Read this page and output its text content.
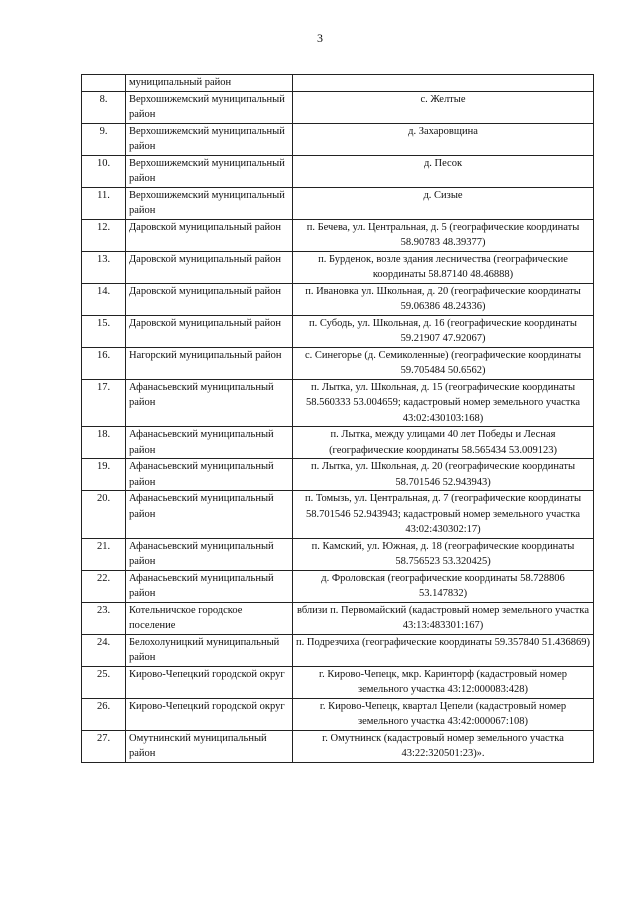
3
	муниципальный район	
8.	Верхошижемский муниципальный район	с. Желтые
9.	Верхошижемский муниципальный район	д. Захаровщина
10.	Верхошижемский муниципальный район	д. Песок
11.	Верхошижемский муниципальный район	д. Сизые
12.	Даровской муниципальный район	п. Бечева, ул. Центральная, д. 5 (географические координаты 58.90783 48.39377)
13.	Даровской муниципальный район	п. Бурденок, возле здания лесничества (географические координаты 58.87140 48.46888)
14.	Даровской муниципальный район	п. Ивановка ул. Школьная, д. 20 (географические координаты 59.06386 48.24336)
15.	Даровской муниципальный район	п. Субодь, ул. Школьная, д. 16 (географические координаты 59.21907 47.92067)
16.	Нагорский муниципальный район	с. Синегорье (д. Семиколенные) (географические координаты 59.705484 50.6562)
17.	Афанасьевский муниципальный район	п. Лытка, ул. Школьная, д. 15 (географические координаты 58.560333 53.004659; кадастровый номер земельного участка 43:02:430103:168)
18.	Афанасьевский муниципальный район	п. Лытка, между улицами 40 лет Победы и Лесная (географические координаты 58.565434 53.009123)
19.	Афанасьевский муниципальный район	п. Лытка, ул. Школьная, д. 20 (географические координаты 58.701546 52.943943)
20.	Афанасьевский муниципальный район	п. Томызь, ул. Центральная, д. 7 (географические координаты 58.701546 52.943943; кадастровый номер земельного участка 43:02:430302:17)
21.	Афанасьевский муниципальный район	п. Камский, ул. Южная, д. 18 (географические координаты 58.756523 53.320425)
22.	Афанасьевский муниципальный район	д. Фроловская (географические координаты 58.728806 53.147832)
23.	Котельничское городское поселение	вблизи п. Первомайский (кадастровый номер земельного участка 43:13:483301:167)
24.	Белохолуницкий муниципальный район	п. Подрезчиха (географические координаты 59.357840 51.436869)
25.	Кирово-Чепецкий городской округ	г. Кирово-Чепецк, мкр. Каринторф (кадастровый номер земельного участка 43:12:000083:428)
26.	Кирово-Чепецкий городской округ	г. Кирово-Чепецк, квартал Цепели (кадастровый номер земельного участка 43:42:000067:108)
27.	Омутнинский муниципальный район	г. Омутнинск (кадастровый номер земельного участка 43:22:320501:23)».
